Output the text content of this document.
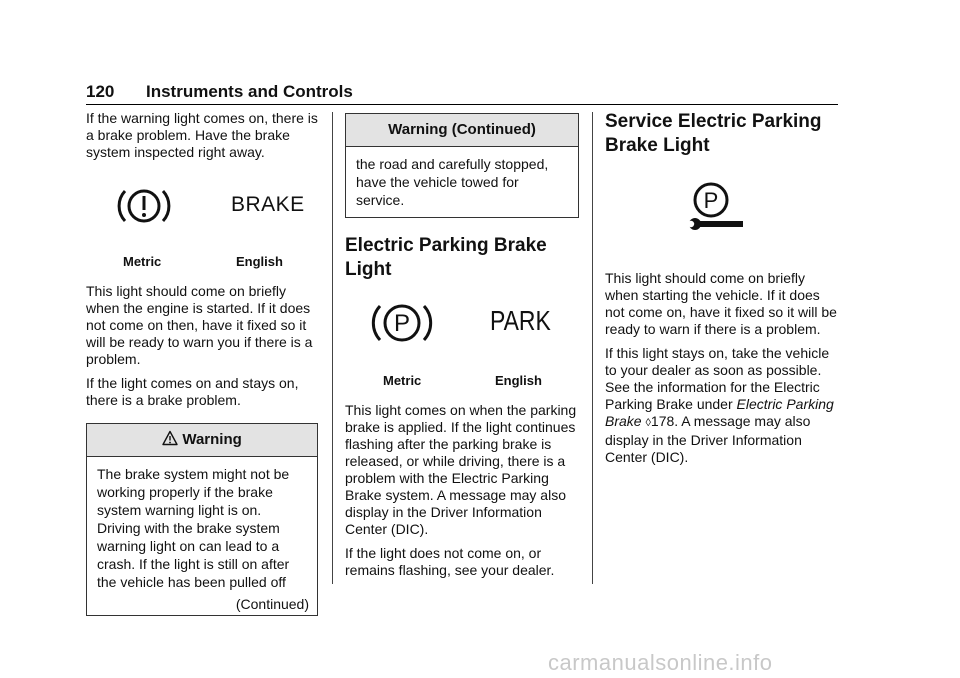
120 Instruments and Controls

If the warning light comes on, there is a brake problem. Have the brake system inspected right away.

BRAKE
Metric	English

This light should come on briefly when the engine is started. If it does not come on then, have it fixed so it will be ready to warn you if there is a problem.

If the light comes on and stays on, there is a brake problem.

Warning
The brake system might not be working properly if the brake system warning light is on. Driving with the brake system warning light on can lead to a crash. If the light is still on after the vehicle has been pulled off
(Continued)
Warning (Continued)
the road and carefully stopped, have the vehicle towed for service.
Electric Parking Brake Light
P	PARK
Metric	English

This light comes on when the parking brake is applied. If the light continues flashing after the parking brake is released, or while driving, there is a problem with the Electric Parking Brake system. A message may also display in the Driver Information Center (DIC).

If the light does not come on, or remains flashing, see your dealer.

Service Electric Parking Brake Light
P

This light should come on briefly when starting the vehicle. If it does not come on, have it fixed so it will be ready to warn if there is a problem.

If this light stays on, take the vehicle to your dealer as soon as possible. See the information for the Electric Parking Brake under Electric Parking Brake ◊178. A message may also display in the Driver Information Center (DIC).

carmanualsonline.info
